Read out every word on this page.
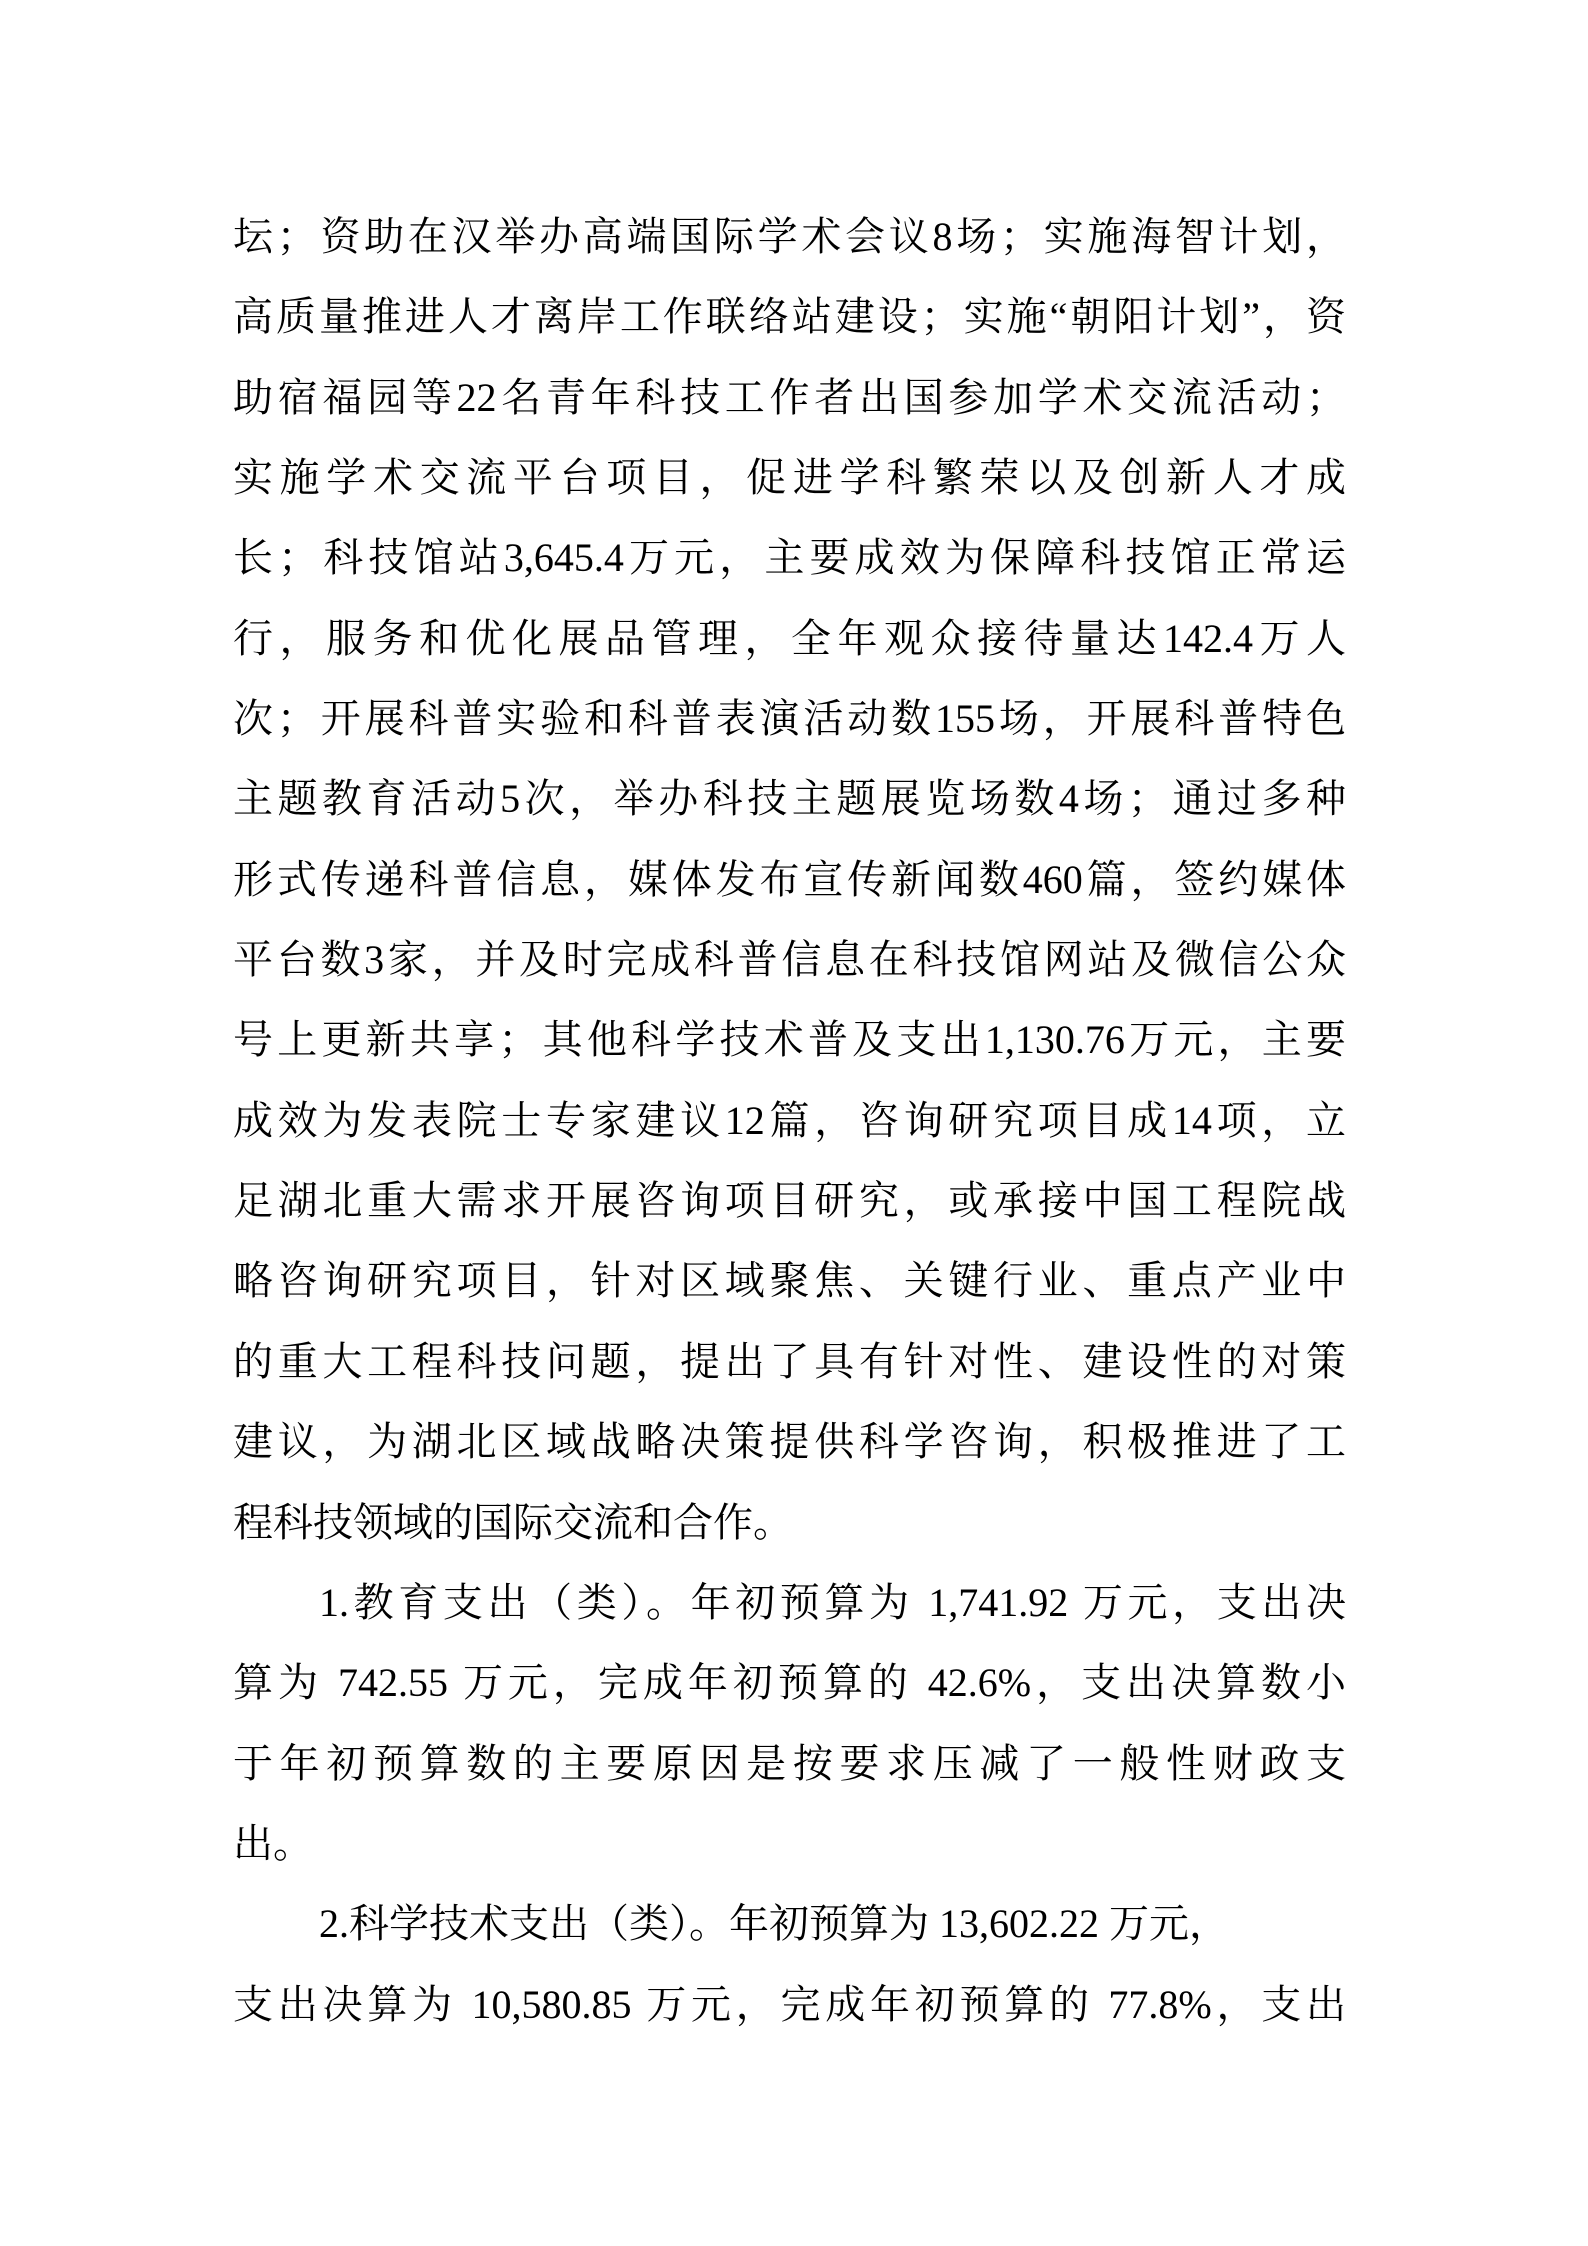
坛；资助在汉举办高端国际学术会议8场；实施海智计划，
高质量推进人才离岸工作联络站建设；实施“朝阳计划”，资
助宿福园等22名青年科技工作者出国参加学术交流活动；
实施学术交流平台项目，促进学科繁荣以及创新人才成
长；科技馆站3,645.4万元，主要成效为保障科技馆正常运
行，服务和优化展品管理，全年观众接待量达142.4万人
次；开展科普实验和科普表演活动数155场，开展科普特色
主题教育活动5次，举办科技主题展览场数4场；通过多种
形式传递科普信息，媒体发布宣传新闻数460篇，签约媒体
平台数3家，并及时完成科普信息在科技馆网站及微信公众
号上更新共享；其他科学技术普及支出1,130.76万元，主要
成效为发表院士专家建议12篇，咨询研究项目成14项，立
足湖北重大需求开展咨询项目研究，或承接中国工程院战
略咨询研究项目，针对区域聚焦、关键行业、重点产业中
的重大工程科技问题，提出了具有针对性、建设性的对策
建议，为湖北区域战略决策提供科学咨询，积极推进了工
程科技领域的国际交流和合作。
1.教育支出（类）。年初预算为 1,741.92 万元，支出决
算为 742.55 万元，完成年初预算的 42.6%，支出决算数小
于年初预算数的主要原因是按要求压减了一般性财政支
出。
2.科学技术支出（类）。年初预算为 13,602.22 万元，
支出决算为 10,580.85 万元，完成年初预算的 77.8%，支出
